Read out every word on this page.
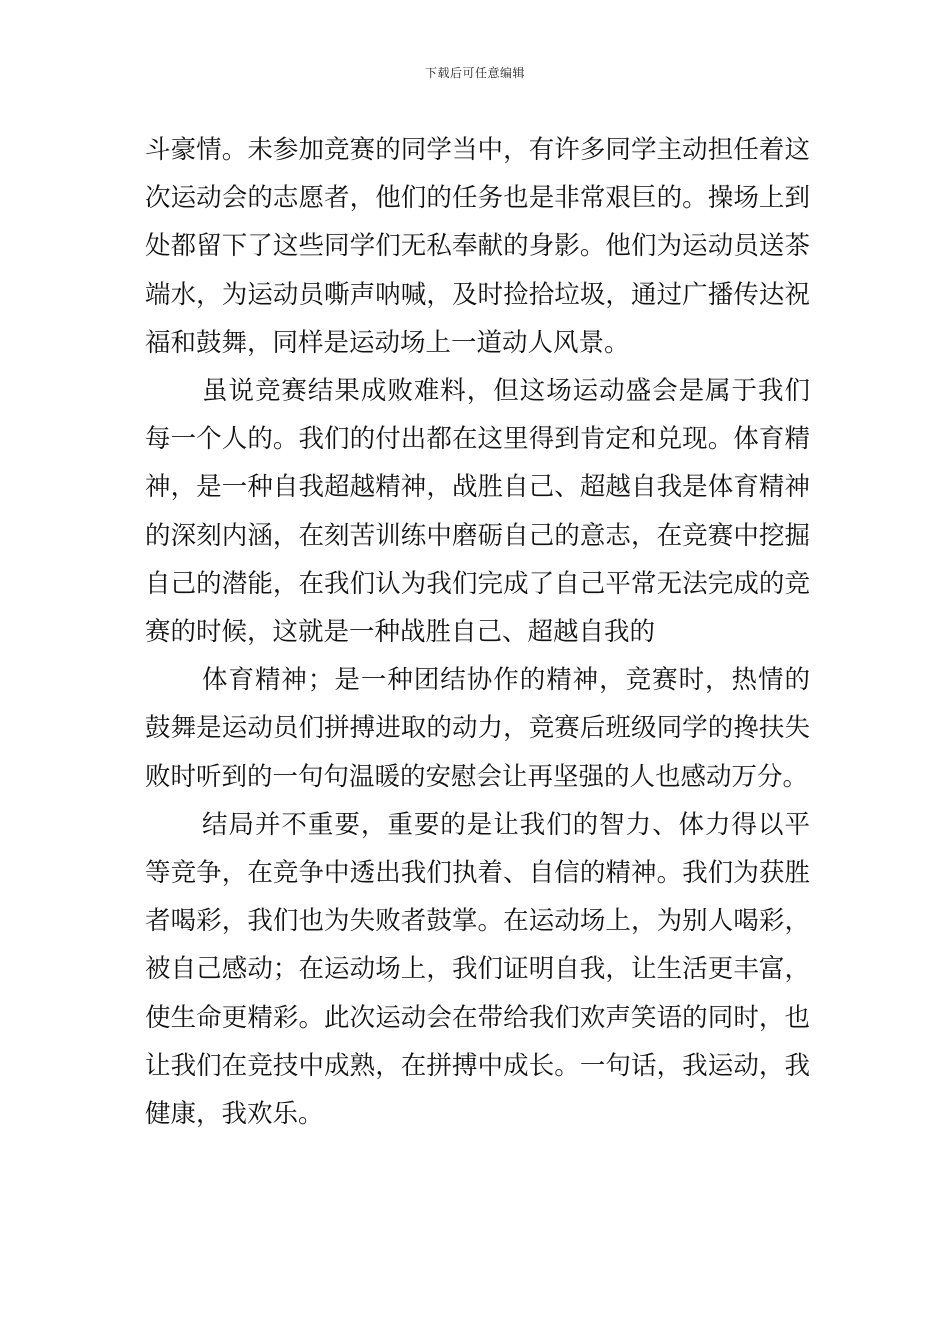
下载后可任意编辑

斗豪情。未参加竞赛的同学当中，有许多同学主动担任着这次运动会的志愿者，他们的任务也是非常艰巨的。操场上到处都留下了这些同学们无私奉献的身影。他们为运动员送茶端水，为运动员嘶声呐喊，及时捡拾垃圾，通过广播传达祝福和鼓舞，同样是运动场上一道动人风景。

虽说竞赛结果成败难料，但这场运动盛会是属于我们每一个人的。我们的付出都在这里得到肯定和兑现。体育精神，是一种自我超越精神，战胜自己、超越自我是体育精神的深刻内涵，在刻苦训练中磨砺自己的意志，在竞赛中挖掘自己的潜能，在我们认为我们完成了自己平常无法完成的竞赛的时候，这就是一种战胜自己、超越自我的

体育精神；是一种团结协作的精神，竞赛时，热情的鼓舞是运动员们拼搏进取的动力，竞赛后班级同学的搀扶失败时听到的一句句温暖的安慰会让再坚强的人也感动万分。

结局并不重要，重要的是让我们的智力、体力得以平等竞争，在竞争中透出我们执着、自信的精神。我们为获胜者喝彩，我们也为失败者鼓掌。在运动场上，为别人喝彩，被自己感动；在运动场上，我们证明自我，让生活更丰富，使生命更精彩。此次运动会在带给我们欢声笑语的同时，也让我们在竞技中成熟，在拼搏中成长。一句话，我运动，我健康，我欢乐。
